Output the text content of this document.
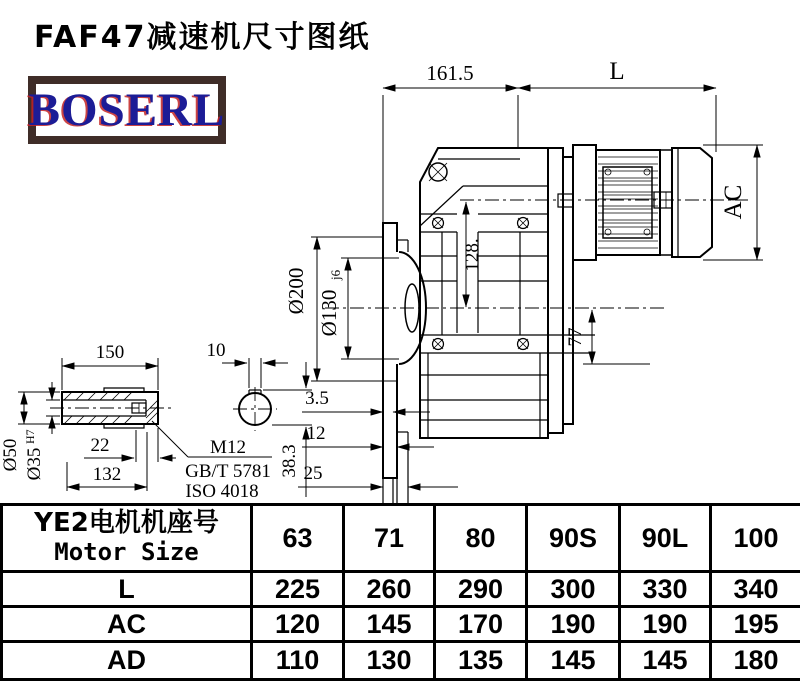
FAF47减速机尺寸图纸
BOSERL
161.5	L
AC
Ø200 Ø130
j6
128.
77
3.5
12
25
150	10
Ø50 Ø35
H7	22
132	38.3
M12
GB/T 5781
ISO 4018
YE2电机机座号
Motor Size	63	71	80	90S	90L	100
L	225	260	290	300	330	340
AC	120	145	170	190	190	195
AD	110	130	135	145	145	180
